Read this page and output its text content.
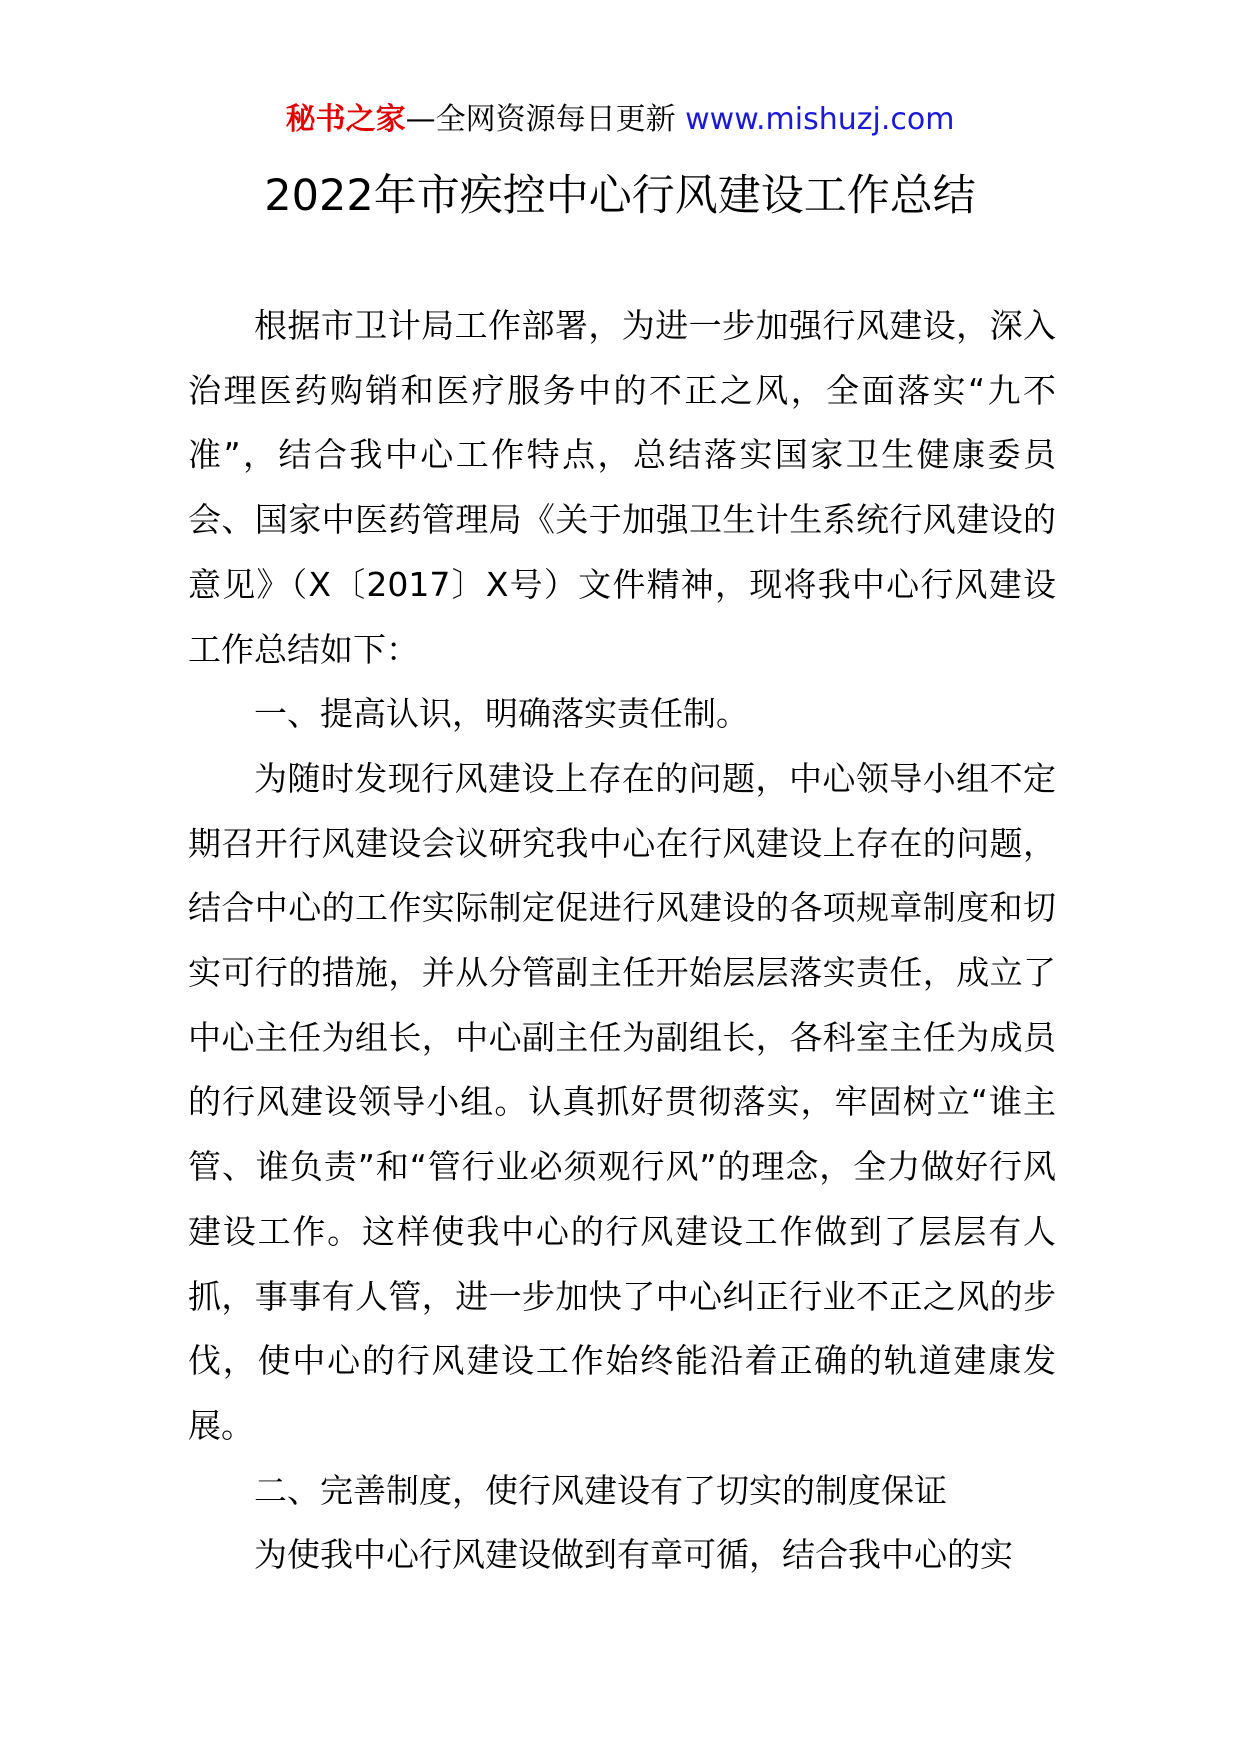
秘书之家—全网资源每日更新 www.mishuzj.com
2022年市疾控中心行风建设工作总结

根据市卫计局工作部署，为进一步加强行风建设，深入治理医药购销和医疗服务中的不正之风，全面落实“九不准”，结合我中心工作特点，总结落实国家卫生健康委员会、国家中医药管理局《关于加强卫生计生系统行风建设的意见》（X〔2017〕X号）文件精神，现将我中心行风建设工作总结如下：

一、提高认识，明确落实责任制。

为随时发现行风建设上存在的问题，中心领导小组不定期召开行风建设会议研究我中心在行风建设上存在的问题，结合中心的工作实际制定促进行风建设的各项规章制度和切实可行的措施，并从分管副主任开始层层落实责任，成立了中心主任为组长，中心副主任为副组长，各科室主任为成员的行风建设领导小组。认真抓好贯彻落实，牢固树立“谁主管、谁负责”和“管行业必须观行风”的理念，全力做好行风建设工作。这样使我中心的行风建设工作做到了层层有人抓，事事有人管，进一步加快了中心纠正行业不正之风的步伐，使中心的行风建设工作始终能沿着正确的轨道建康发展。

二、完善制度，使行风建设有了切实的制度保证

为使我中心行风建设做到有章可循，结合我中心的实
